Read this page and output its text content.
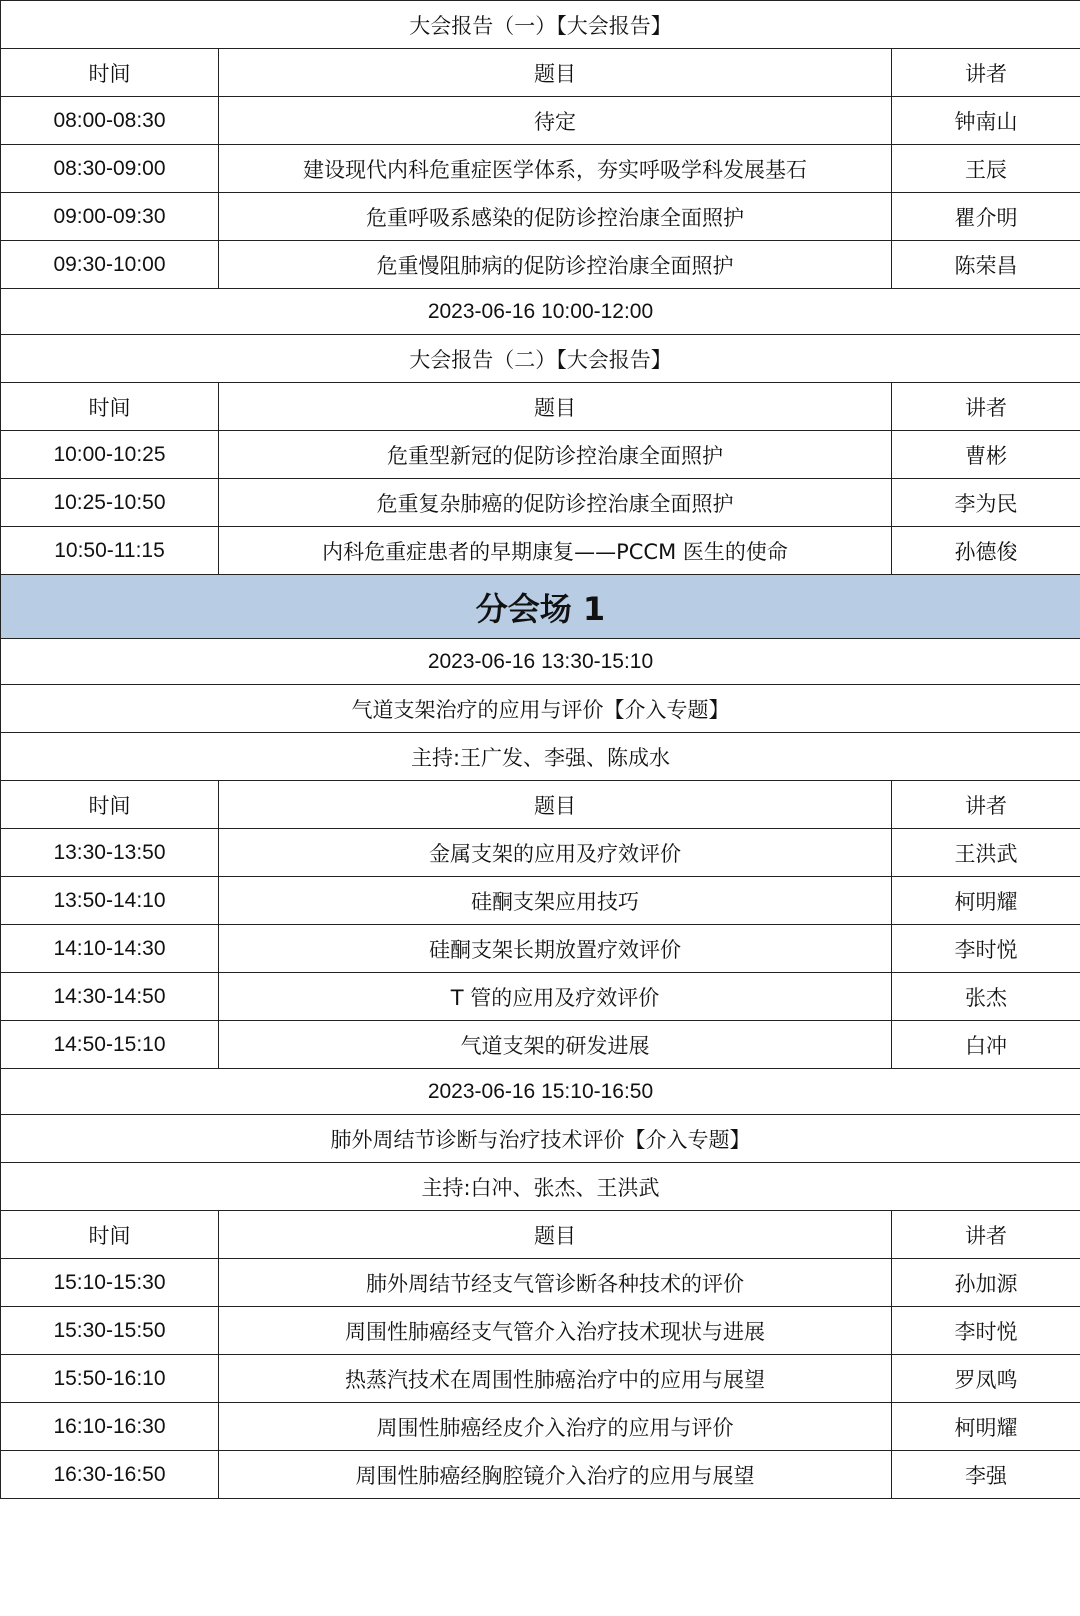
大会报告（一）【大会报告】		
时间	题目	讲者
08:00-08:30	待定	钟南山
08:30-09:00	建设现代内科危重症医学体系，夯实呼吸学科发展基石	王辰
09:00-09:30	危重呼吸系感染的促防诊控治康全面照护	瞿介明
09:30-10:00	危重慢阻肺病的促防诊控治康全面照护	陈荣昌
2023-06-16 10:00-12:00		
大会报告（二）【大会报告】		
时间	题目	讲者
10:00-10:25	危重型新冠的促防诊控治康全面照护	曹彬
10:25-10:50	危重复杂肺癌的促防诊控治康全面照护	李为民
10:50-11:15	内科危重症患者的早期康复——PCCM 医生的使命	孙德俊
分会场 1		
2023-06-16 13:30-15:10		
气道支架治疗的应用与评价【介入专题】		
主持:王广发、李强、陈成水		
时间	题目	讲者
13:30-13:50	金属支架的应用及疗效评价	王洪武
13:50-14:10	硅酮支架应用技巧	柯明耀
14:10-14:30	硅酮支架长期放置疗效评价	李时悦
14:30-14:50	T 管的应用及疗效评价	张杰
14:50-15:10	气道支架的研发进展	白冲
2023-06-16 15:10-16:50		
肺外周结节诊断与治疗技术评价【介入专题】		
主持:白冲、张杰、王洪武		
时间	题目	讲者
15:10-15:30	肺外周结节经支气管诊断各种技术的评价	孙加源
15:30-15:50	周围性肺癌经支气管介入治疗技术现状与进展	李时悦
15:50-16:10	热蒸汽技术在周围性肺癌治疗中的应用与展望	罗凤鸣
16:10-16:30	周围性肺癌经皮介入治疗的应用与评价	柯明耀
16:30-16:50	周围性肺癌经胸腔镜介入治疗的应用与展望	李强
